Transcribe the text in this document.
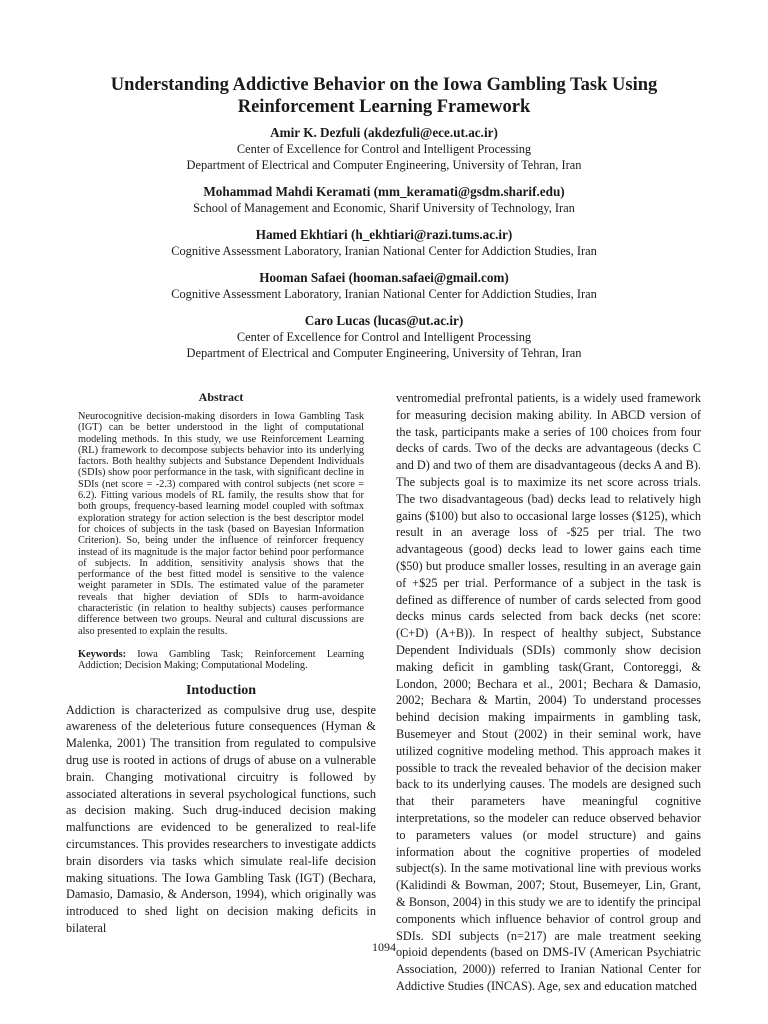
Understanding Addictive Behavior on the Iowa Gambling Task Using Reinforcement Learning Framework
Amir K. Dezfuli (akdezfuli@ece.ut.ac.ir)
Center of Excellence for Control and Intelligent Processing
Department of Electrical and Computer Engineering, University of Tehran, Iran
Mohammad Mahdi Keramati (mm_keramati@gsdm.sharif.edu)
School of Management and Economic, Sharif University of Technology, Iran
Hamed Ekhtiari (h_ekhtiari@razi.tums.ac.ir)
Cognitive Assessment Laboratory, Iranian National Center for Addiction Studies, Iran
Hooman Safaei (hooman.safaei@gmail.com)
Cognitive Assessment Laboratory, Iranian National Center for Addiction Studies, Iran
Caro Lucas (lucas@ut.ac.ir)
Center of Excellence for Control and Intelligent Processing
Department of Electrical and Computer Engineering, University of Tehran, Iran
Abstract

Neurocognitive decision-making disorders in Iowa Gambling Task (IGT) can be better understood in the light of computational modeling methods. In this study, we use Reinforcement Learning (RL) framework to decompose subjects behavior into its underlying factors. Both healthy subjects and Substance Dependent Individuals (SDIs) show poor performance in the task, with significant decline in SDIs (net score = -2.3) compared with control subjects (net score = 6.2). Fitting various models of RL family, the results show that for both groups, frequency-based learning model coupled with softmax exploration strategy for action selection is the best descriptor model for choices of subjects in the task (based on Bayesian Information Criterion). So, being under the influence of reinforcer frequency instead of its magnitude is the major factor behind poor performance of subjects. In addition, sensitivity analysis shows that the performance of the best fitted model is sensitive to the valence weight parameter in SDIs. The estimated value of the parameter reveals that higher deviation of SDIs to harm-avoidance characteristic (in relation to healthy subjects) causes performance difference between two groups. Neural and cultural discussions are also presented to explain the results.

Keywords: Iowa Gambling Task; Reinforcement Learning Addiction; Decision Making; Computational Modeling.

Intoduction

Addiction is characterized as compulsive drug use, despite awareness of the deleterious future consequences (Hyman & Malenka, 2001) The transition from regulated to compulsive drug use is rooted in actions of drugs of abuse on a vulnerable brain. Changing motivational circuitry is followed by associated alterations in several psychological functions, such as decision making. Such drug-induced decision making malfunctions are evidenced to be generalized to real-life circumstances. This provides researchers to investigate addicts brain disorders via tasks which simulate real-life decision making situations. The Iowa Gambling Task (IGT) (Bechara, Damasio, Damasio, & Anderson, 1994), which originally was introduced to shed light on decision making deficits in bilateral

ventromedial prefrontal patients, is a widely used framework for measuring decision making ability. In ABCD version of the task, participants make a series of 100 choices from four decks of cards. Two of the decks are advantageous (decks C and D) and two of them are disadvantageous (decks A and B). The subjects goal is to maximize its net score across trials. The two disadvantageous (bad) decks lead to relatively high gains ($100) but also to occasional large losses ($125), which result in an average loss of -$25 per trial. The two advantageous (good) decks lead to lower gains each time ($50) but produce smaller losses, resulting in an average gain of +$25 per trial. Performance of a subject in the task is defined as difference of number of cards selected from good decks minus cards selected from back decks (net score: (C+D) (A+B)). In respect of healthy subject, Substance Dependent Individuals (SDIs) commonly show decision making deficit in gambling task(Grant, Contoreggi, & London, 2000; Bechara et al., 2001; Bechara & Damasio, 2002; Bechara & Martin, 2004) To understand processes behind decision making impairments in gambling task, Busemeyer and Stout (2002) in their seminal work, have utilized cognitive modeling method. This approach makes it possible to track the revealed behavior of the decision maker back to its underlying causes. The models are designed such that their parameters have meaningful cognitive interpretations, so the modeler can reduce observed behavior to parameters values (or model structure) and gains information about the cognitive properties of modeled subject(s). In the same motivational line with previous works (Kalidindi & Bowman, 2007; Stout, Busemeyer, Lin, Grant, & Bonson, 2004) in this study we are to identify the principal components which influence behavior of control group and SDIs. SDI subjects (n=217) are male treatment seeking opioid dependents (based on DMS-IV (American Psychiatric Association, 2000)) referred to Iranian National Center for Addictive Studies (INCAS). Age, sex and education matched

1094
